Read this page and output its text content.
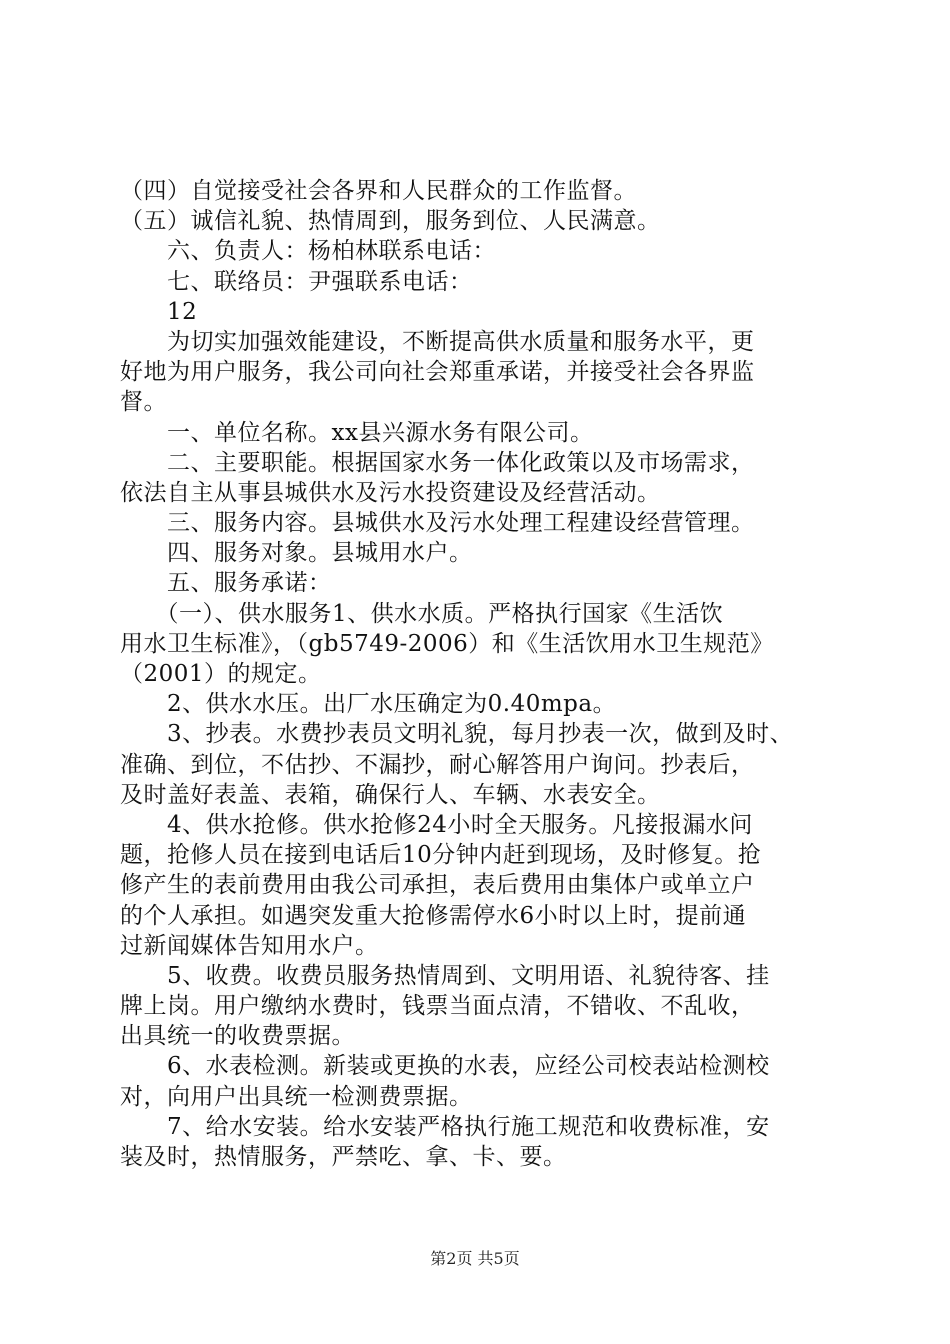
（四）自觉接受社会各界和人民群众的工作监督。
（五）诚信礼貌、热情周到，服务到位、人民满意。
　　六、负责人：杨柏林联系电话：
　　七、联络员：尹强联系电话：
　　12
　　为切实加强效能建设，不断提高供水质量和服务水平，更
好地为用户服务，我公司向社会郑重承诺，并接受社会各界监
督。
　　一、单位名称。xx县兴源水务有限公司。
　　二、主要职能。根据国家水务一体化政策以及市场需求，
依法自主从事县城供水及污水投资建设及经营活动。
　　三、服务内容。县城供水及污水处理工程建设经营管理。
　　四、服务对象。县城用水户。
　　五、服务承诺：
　　（一）、供水服务1、供水水质。严格执行国家《生活饮
用水卫生标准》，（gb5749-2006）和《生活饮用水卫生规范》
（2001）的规定。
　　2、供水水压。出厂水压确定为0.40mpa。
　　3、抄表。水费抄表员文明礼貌，每月抄表一次，做到及时、
准确、到位，不估抄、不漏抄，耐心解答用户询问。抄表后，
及时盖好表盖、表箱，确保行人、车辆、水表安全。
　　4、供水抢修。供水抢修24小时全天服务。凡接报漏水问
题，抢修人员在接到电话后10分钟内赶到现场，及时修复。抢
修产生的表前费用由我公司承担，表后费用由集体户或单立户
的个人承担。如遇突发重大抢修需停水6小时以上时，提前通
过新闻媒体告知用水户。
　　5、收费。收费员服务热情周到、文明用语、礼貌待客、挂
牌上岗。用户缴纳水费时，钱票当面点清，不错收、不乱收，
出具统一的收费票据。
　　6、水表检测。新装或更换的水表，应经公司校表站检测校
对，向用户出具统一检测费票据。
　　7、给水安装。给水安装严格执行施工规范和收费标准，安
装及时，热情服务，严禁吃、拿、卡、要。
第2页 共5页
